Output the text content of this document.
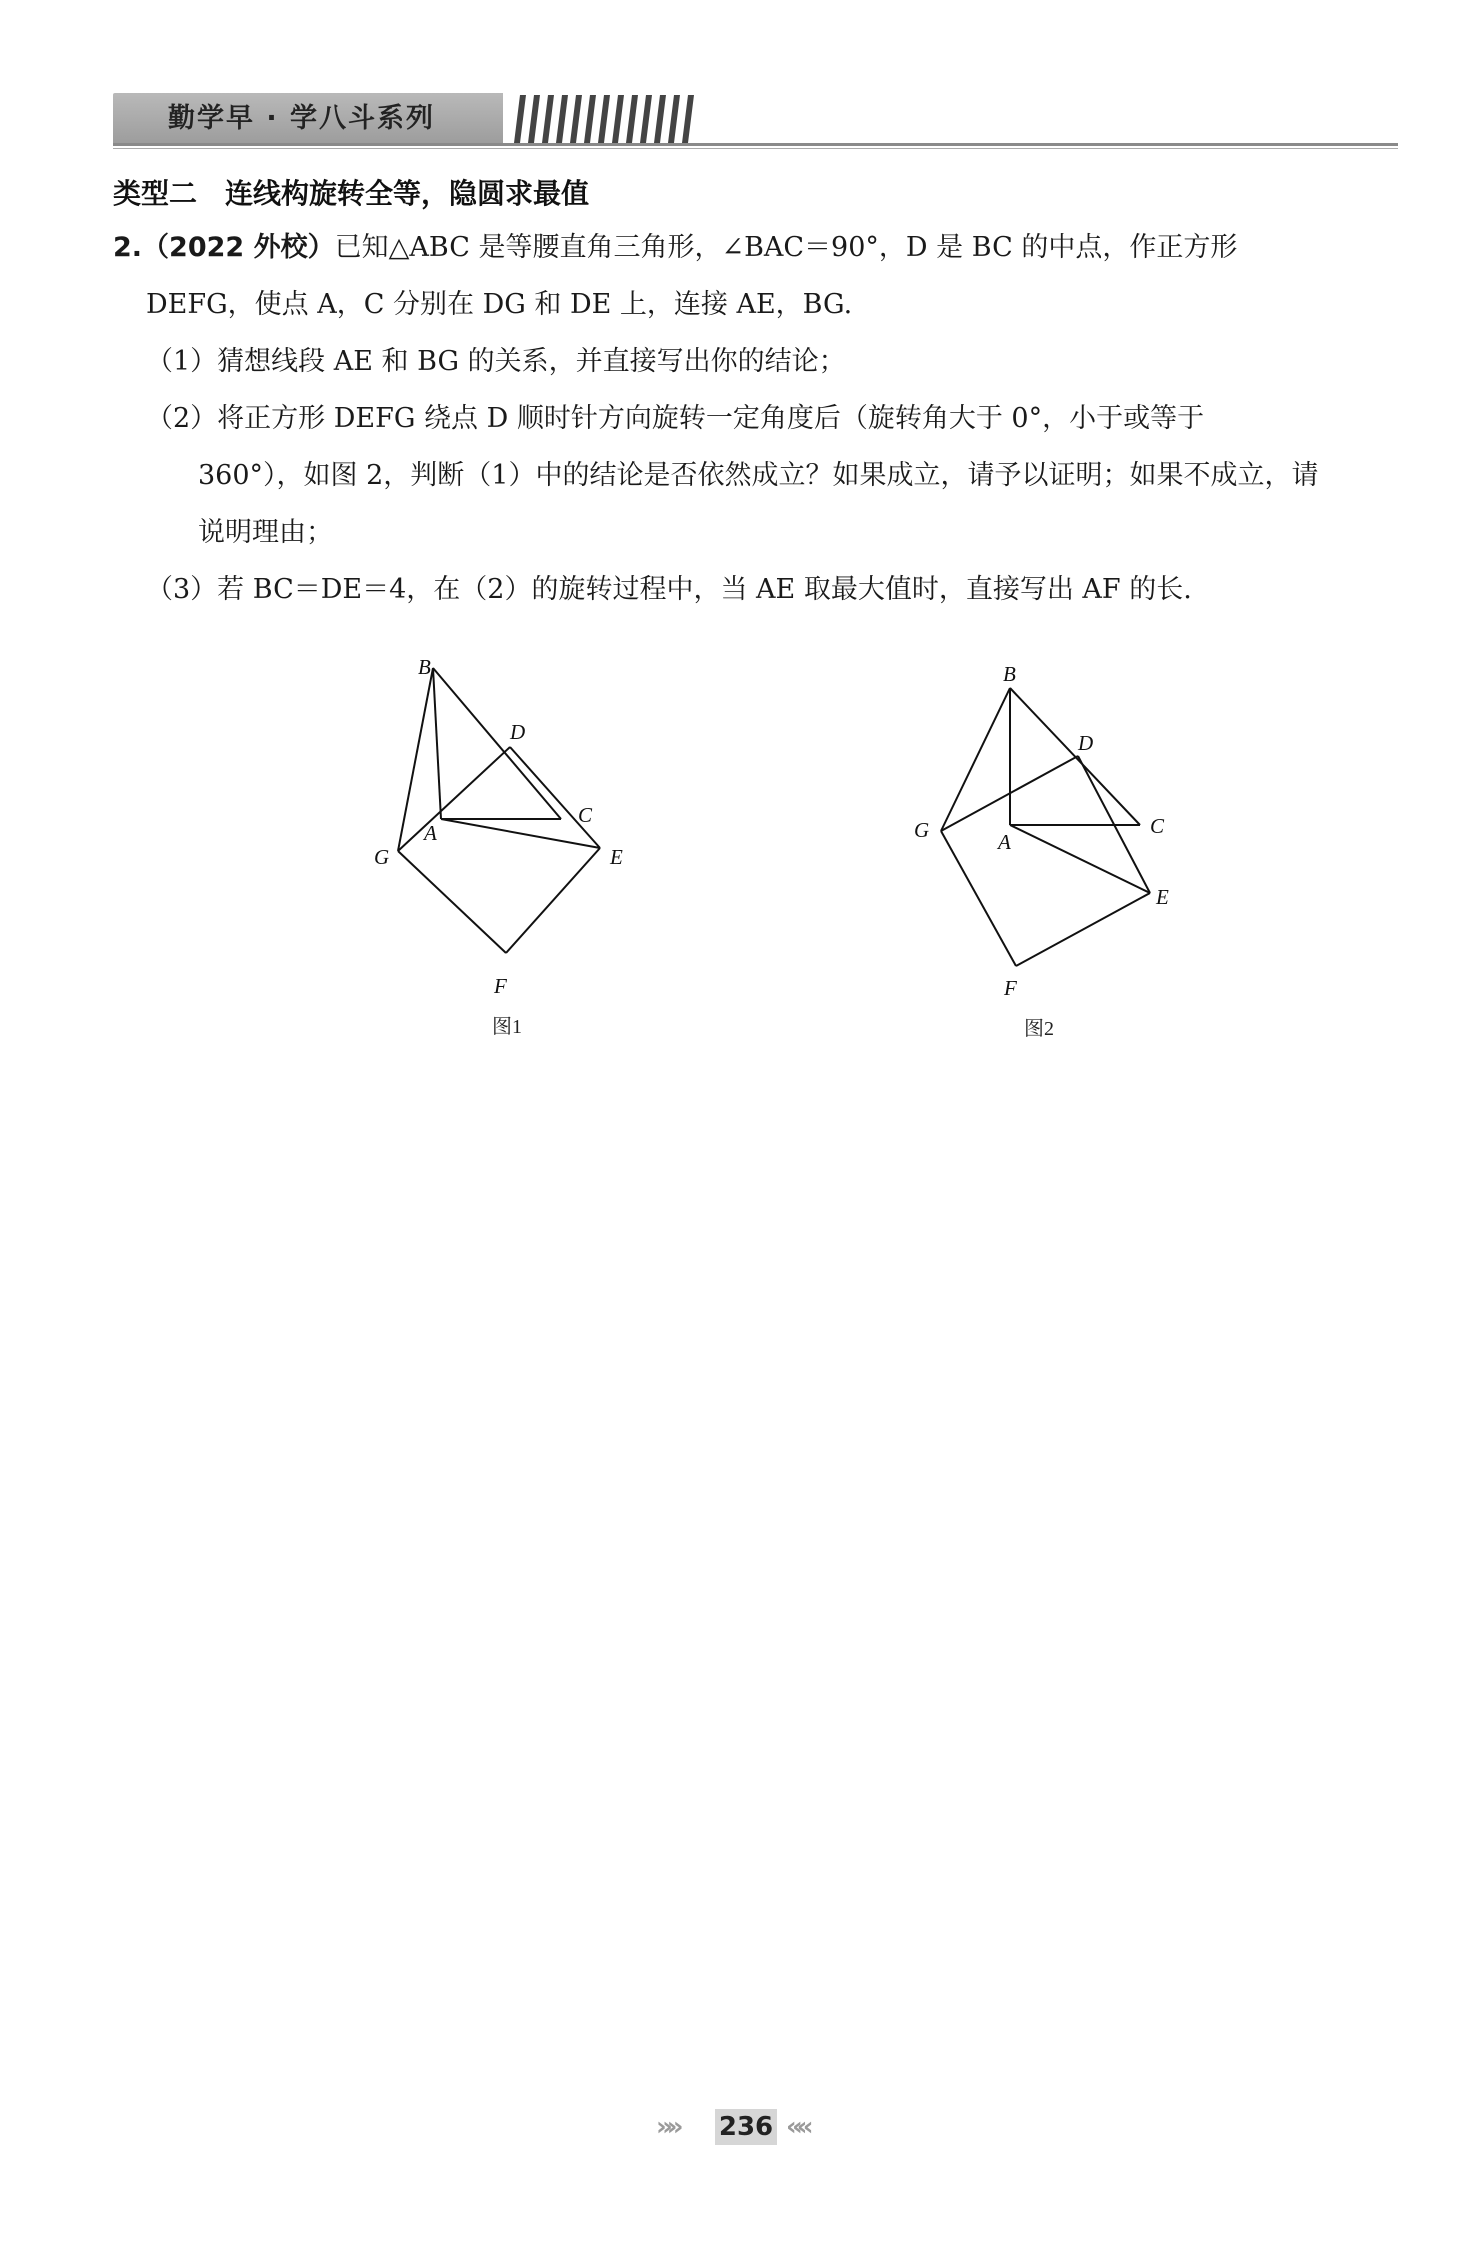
勤学早 · 学八斗系列
类型二　连线构旋转全等，隐圆求最值
2.（2022 外校）已知△ABC 是等腰直角三角形，∠BAC＝90°，D 是 BC 的中点，作正方形
DEFG，使点 A，C 分别在 DG 和 DE 上，连接 AE，BG.
（1）猜想线段 AE 和 BG 的关系，并直接写出你的结论；
（2）将正方形 DEFG 绕点 D 顺时针方向旋转一定角度后（旋转角大于 0°，小于或等于
360°），如图 2，判断（1）中的结论是否依然成立？如果成立，请予以证明；如果不成立，请
说明理由；
（3）若 BC＝DE＝4，在（2）的旋转过程中，当 AE 取最大值时，直接写出 AF 的长.
B
D
C
A
G	E
F
图1
B
D
C
A
G
E
F
图2
»» 236 ««
